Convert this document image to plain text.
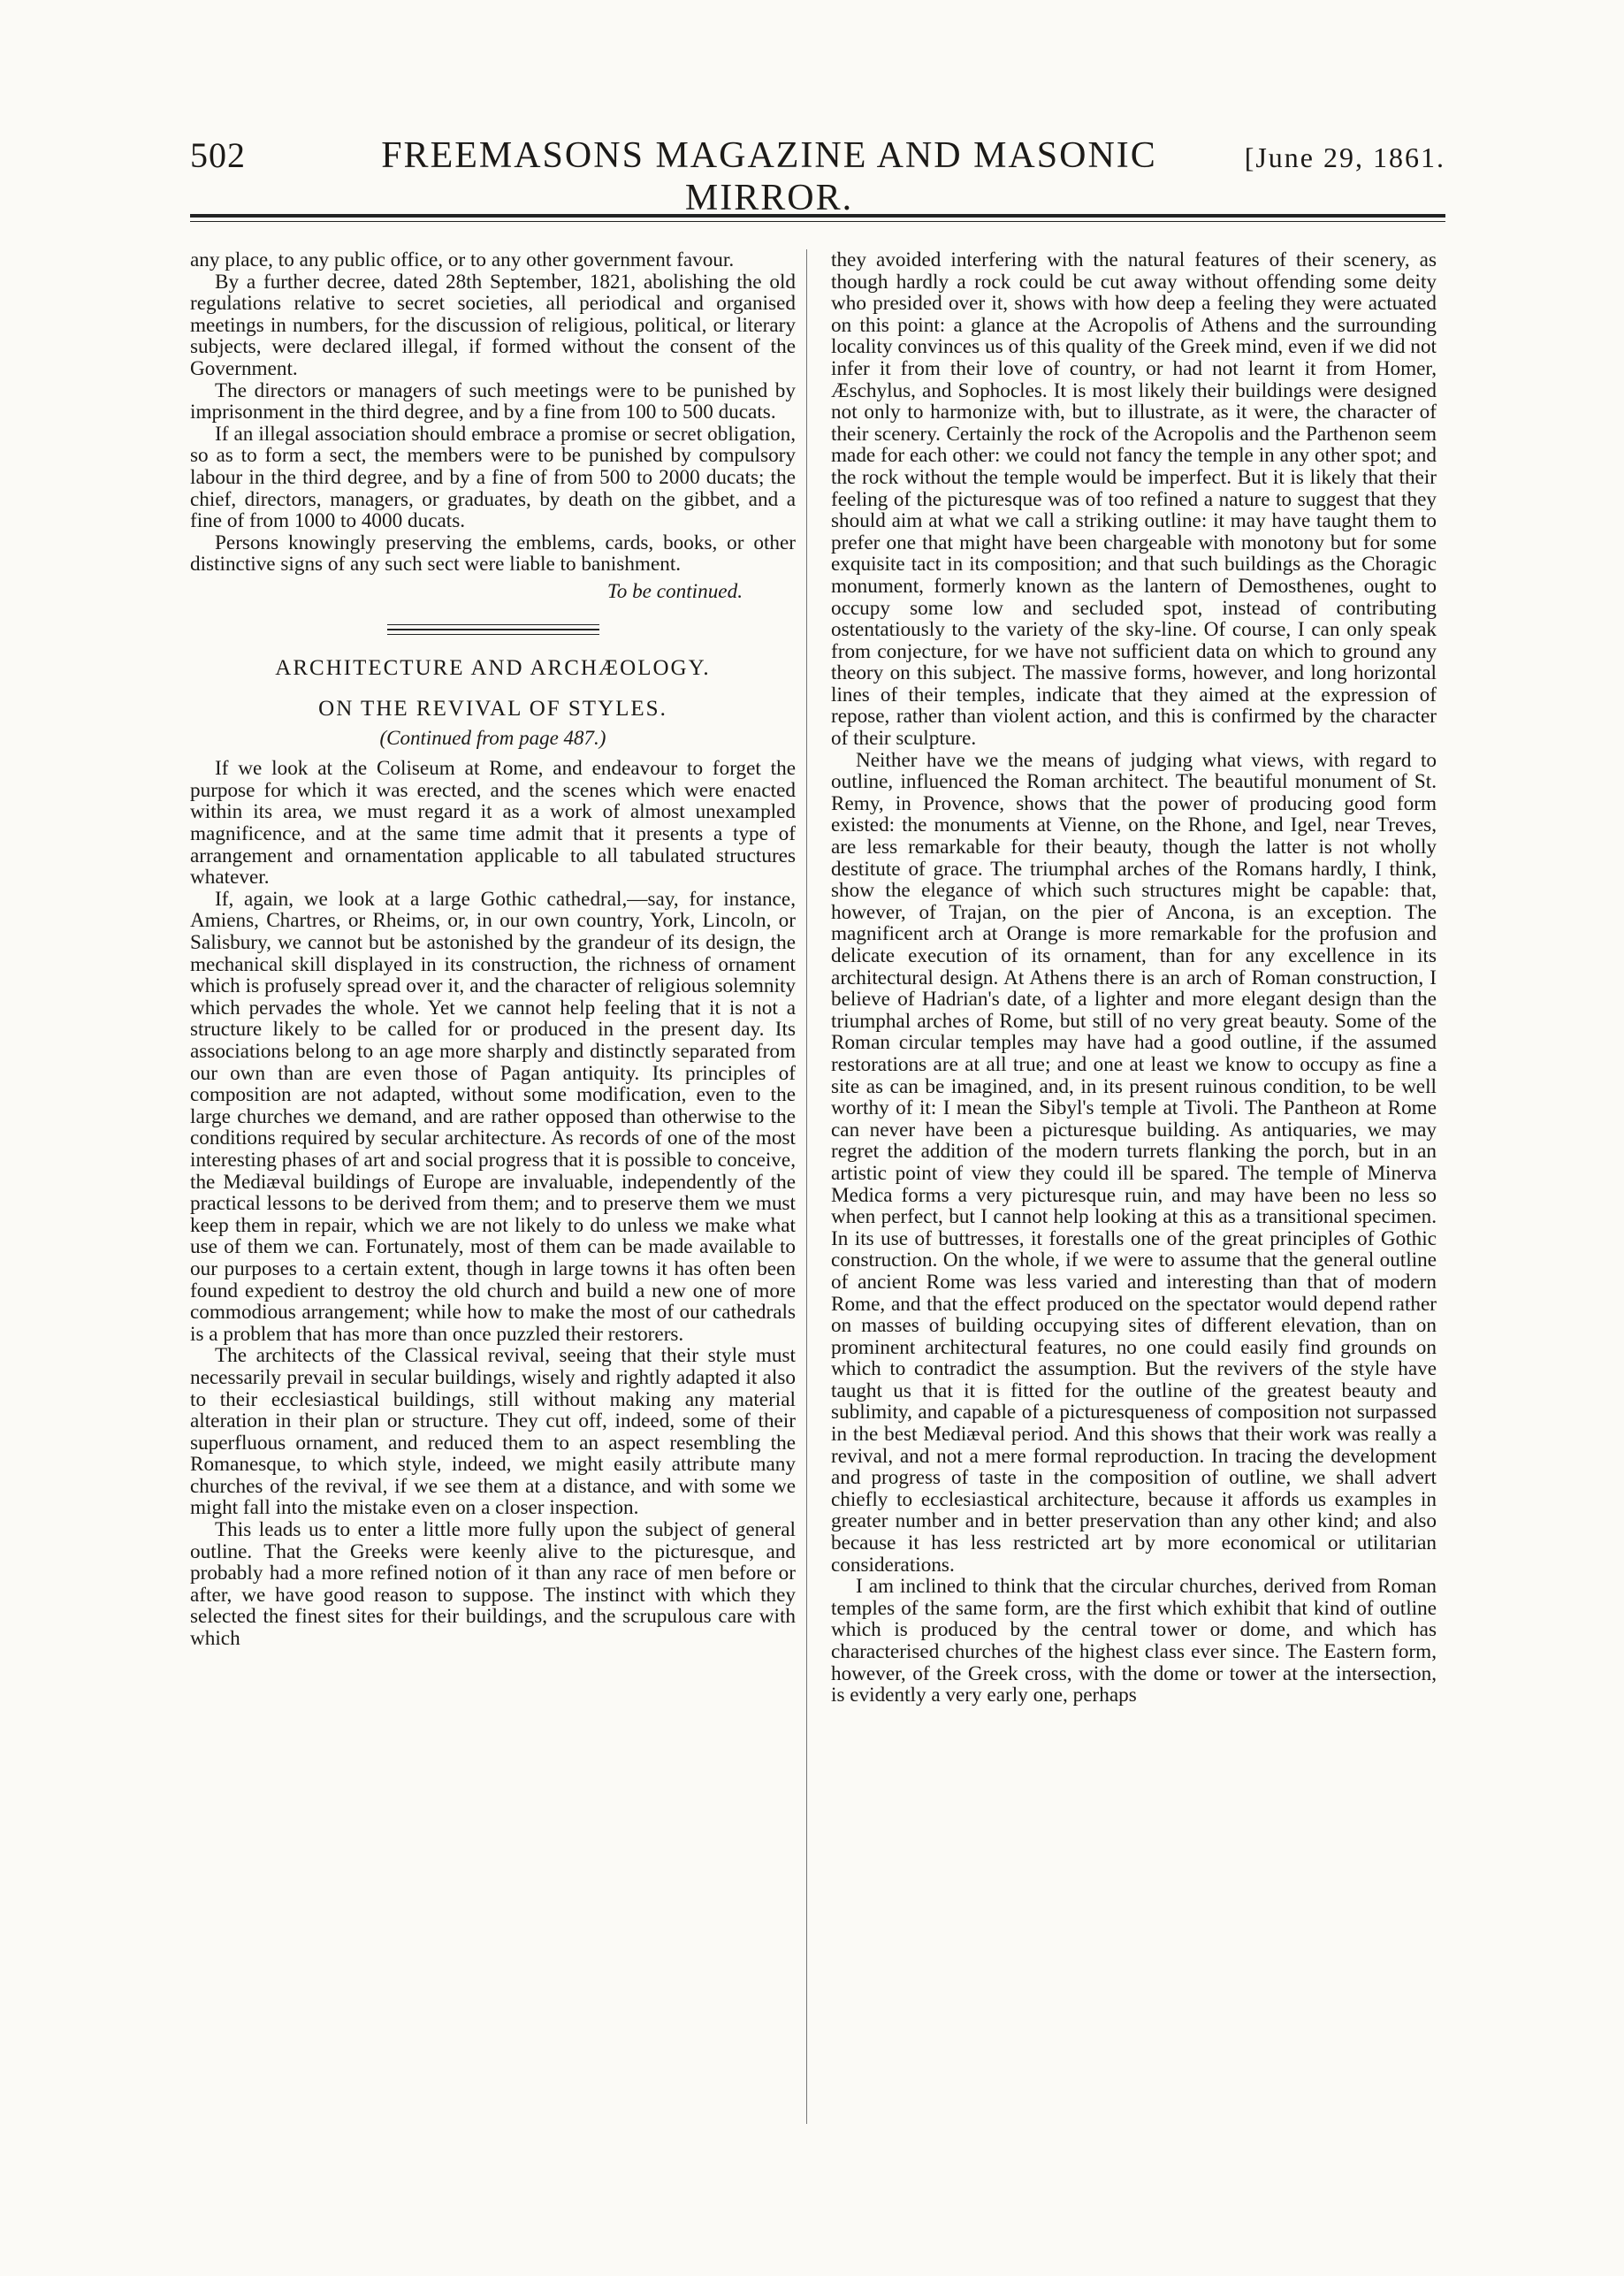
502	FREEMASONS MAGAZINE AND MASONIC MIRROR.
[June 29, 1861.

any place, to any public office, or to any other government favour.

By a further decree, dated 28th September, 1821, abolishing the old regulations relative to secret societies, all periodical and organised meetings in numbers, for the discussion of religious, political, or literary subjects, were declared illegal, if formed without the consent of the Government.

The directors or managers of such meetings were to be punished by imprisonment in the third degree, and by a fine from 100 to 500 ducats.

If an illegal association should embrace a promise or secret obligation, so as to form a sect, the members were to be punished by compulsory labour in the third degree, and by a fine of from 500 to 2000 ducats; the chief, directors, managers, or graduates, by death on the gibbet, and a fine of from 1000 to 4000 ducats.

Persons knowingly preserving the emblems, cards, books, or other distinctive signs of any such sect were liable to banishment.

To be continued.
ARCHITECTURE AND ARCHÆOLOGY.
ON THE REVIVAL OF STYLES.
(Continued from page 487.)

If we look at the Coliseum at Rome, and endeavour to forget the purpose for which it was erected, and the scenes which were enacted within its area, we must regard it as a work of almost unexampled magnificence, and at the same time admit that it presents a type of arrangement and ornamentation applicable to all tabulated structures whatever.

If, again, we look at a large Gothic cathedral,—say, for instance, Amiens, Chartres, or Rheims, or, in our own country, York, Lincoln, or Salisbury, we cannot but be astonished by the grandeur of its design, the mechanical skill displayed in its construction, the richness of ornament which is profusely spread over it, and the character of religious solemnity which pervades the whole. Yet we cannot help feeling that it is not a structure likely to be called for or produced in the present day. Its associations belong to an age more sharply and distinctly separated from our own than are even those of Pagan antiquity. Its principles of composition are not adapted, without some modification, even to the large churches we demand, and are rather opposed than otherwise to the conditions required by secular architecture. As records of one of the most interesting phases of art and social progress that it is possible to conceive, the Mediæval buildings of Europe are invaluable, independently of the practical lessons to be derived from them; and to preserve them we must keep them in repair, which we are not likely to do unless we make what use of them we can. Fortunately, most of them can be made available to our purposes to a certain extent, though in large towns it has often been found expedient to destroy the old church and build a new one of more commodious arrangement; while how to make the most of our cathedrals is a problem that has more than once puzzled their restorers.

The architects of the Classical revival, seeing that their style must necessarily prevail in secular buildings, wisely and rightly adapted it also to their ecclesiastical buildings, still without making any material alteration in their plan or structure. They cut off, indeed, some of their superfluous ornament, and reduced them to an aspect resembling the Romanesque, to which style, indeed, we might easily attribute many churches of the revival, if we see them at a distance, and with some we might fall into the mistake even on a closer inspection.

This leads us to enter a little more fully upon the subject of general outline. That the Greeks were keenly alive to the picturesque, and probably had a more refined notion of it than any race of men before or after, we have good reason to suppose. The instinct with which they selected the finest sites for their buildings, and the scrupulous care with which

they avoided interfering with the natural features of their scenery, as though hardly a rock could be cut away without offending some deity who presided over it, shows with how deep a feeling they were actuated on this point: a glance at the Acropolis of Athens and the surrounding locality convinces us of this quality of the Greek mind, even if we did not infer it from their love of country, or had not learnt it from Homer, Æschylus, and Sophocles. It is most likely their buildings were designed not only to harmonize with, but to illustrate, as it were, the character of their scenery. Certainly the rock of the Acropolis and the Parthenon seem made for each other: we could not fancy the temple in any other spot; and the rock without the temple would be imperfect. But it is likely that their feeling of the picturesque was of too refined a nature to suggest that they should aim at what we call a striking outline: it may have taught them to prefer one that might have been chargeable with monotony but for some exquisite tact in its composition; and that such buildings as the Choragic monument, formerly known as the lantern of Demosthenes, ought to occupy some low and secluded spot, instead of contributing ostentatiously to the variety of the sky-line. Of course, I can only speak from conjecture, for we have not sufficient data on which to ground any theory on this subject. The massive forms, however, and long horizontal lines of their temples, indicate that they aimed at the expression of repose, rather than violent action, and this is confirmed by the character of their sculpture.

Neither have we the means of judging what views, with regard to outline, influenced the Roman architect. The beautiful monument of St. Remy, in Provence, shows that the power of producing good form existed: the monuments at Vienne, on the Rhone, and Igel, near Treves, are less remarkable for their beauty, though the latter is not wholly destitute of grace. The triumphal arches of the Romans hardly, I think, show the elegance of which such structures might be capable: that, however, of Trajan, on the pier of Ancona, is an exception. The magnificent arch at Orange is more remarkable for the profusion and delicate execution of its ornament, than for any excellence in its architectural design. At Athens there is an arch of Roman construction, I believe of Hadrian's date, of a lighter and more elegant design than the triumphal arches of Rome, but still of no very great beauty. Some of the Roman circular temples may have had a good outline, if the assumed restorations are at all true; and one at least we know to occupy as fine a site as can be imagined, and, in its present ruinous condition, to be well worthy of it: I mean the Sibyl's temple at Tivoli. The Pantheon at Rome can never have been a picturesque building. As antiquaries, we may regret the addition of the modern turrets flanking the porch, but in an artistic point of view they could ill be spared. The temple of Minerva Medica forms a very picturesque ruin, and may have been no less so when perfect, but I cannot help looking at this as a transitional specimen. In its use of buttresses, it forestalls one of the great principles of Gothic construction. On the whole, if we were to assume that the general outline of ancient Rome was less varied and interesting than that of modern Rome, and that the effect produced on the spectator would depend rather on masses of building occupying sites of different elevation, than on prominent architectural features, no one could easily find grounds on which to contradict the assumption. But the revivers of the style have taught us that it is fitted for the outline of the greatest beauty and sublimity, and capable of a picturesqueness of composition not surpassed in the best Mediæval period. And this shows that their work was really a revival, and not a mere formal reproduction. In tracing the development and progress of taste in the composition of outline, we shall advert chiefly to ecclesiastical architecture, because it affords us examples in greater number and in better preservation than any other kind; and also because it has less restricted art by more economical or utilitarian considerations.

I am inclined to think that the circular churches, derived from Roman temples of the same form, are the first which exhibit that kind of outline which is produced by the central tower or dome, and which has characterised churches of the highest class ever since. The Eastern form, however, of the Greek cross, with the dome or tower at the intersection, is evidently a very early one, perhaps
